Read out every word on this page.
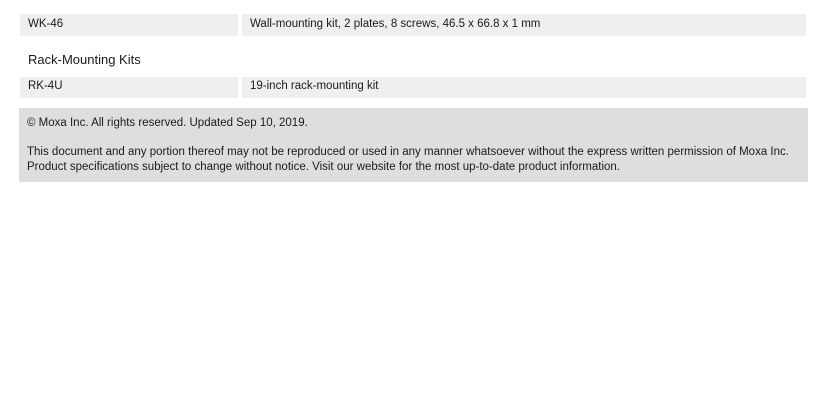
WK-46	Wall-mounting kit, 2 plates, 8 screws, 46.5 x 66.8 x 1 mm
Rack-Mounting Kits
RK-4U	19-inch rack-mounting kit

© Moxa Inc. All rights reserved. Updated Sep 10, 2019.

This document and any portion thereof may not be reproduced or used in any manner whatsoever without the express written permission of Moxa Inc. Product specifications subject to change without notice. Visit our website for the most up-to-date product information.
